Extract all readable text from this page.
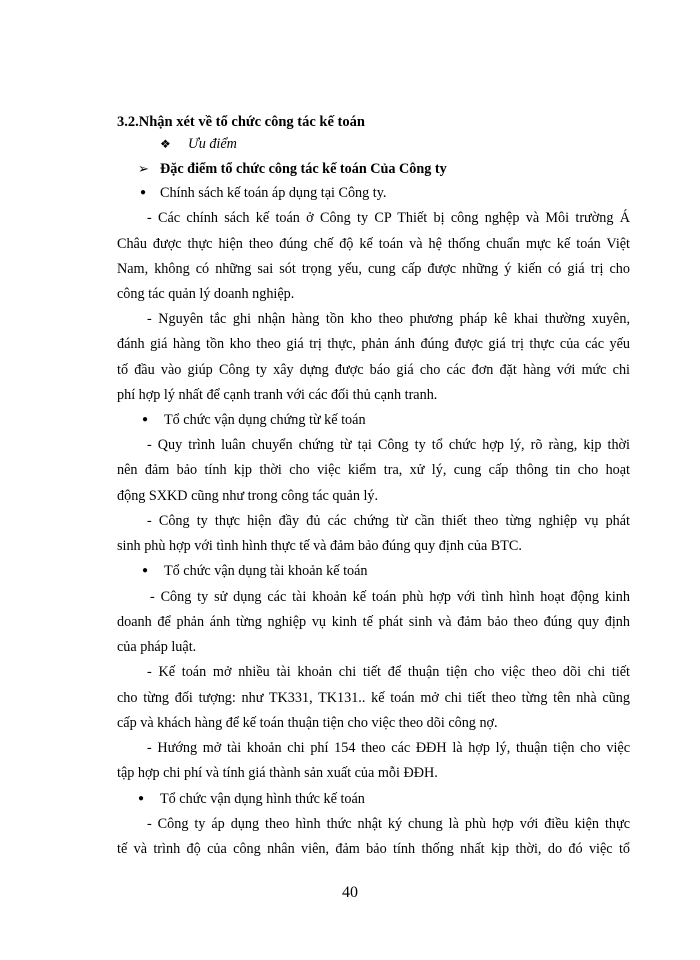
3.2.Nhận xét về tổ chức công tác kế toán
❖ Ưu điểm
➢ Đặc điểm tổ chức công tác kế toán Của Công ty
● Chính sách kế toán áp dụng tại Công ty.
- Các chính sách kế toán ở Công ty CP Thiết bị công nghệp và Môi trường Á
Châu được thực hiện theo đúng chế độ kế toán và hệ thống chuẩn mực kế toán Việt
Nam, không có những sai sót trọng yếu, cung cấp được những ý kiến có giá trị cho
công tác quản lý doanh nghiệp.
- Nguyên tắc ghi nhận hàng tồn kho theo phương pháp kê khai thường xuyên,
đánh giá hàng tồn kho theo giá trị thực, phản ánh đúng được giá trị thực của các yếu
tố đầu vào giúp Công ty xây dựng được báo giá cho các đơn đặt hàng với mức chi
phí hợp lý nhất để cạnh tranh với các đối thủ cạnh tranh.
● Tổ chức vận dụng chứng từ kế toán
- Quy trình luân chuyển chứng từ tại Công ty tổ chức hợp lý, rõ ràng, kịp thời
nên đảm bảo tính kịp thời cho việc kiểm tra, xử lý, cung cấp thông tin cho hoạt
động SXKD cũng như trong công tác quản lý.
- Công ty thực hiện đầy đủ các chứng từ cần thiết theo từng nghiệp vụ phát
sinh phù hợp với tình hình thực tế và đảm bảo đúng quy định của BTC.
● Tổ chức vận dụng tài khoản kế toán
- Công ty sử dụng các tài khoản kế toán phù hợp với tình hình hoạt động kinh
doanh để phản ánh từng nghiệp vụ kinh tế phát sinh và đảm bảo theo đúng quy định
của pháp luật.
- Kế toán mở nhiều tài khoản chi tiết để thuận tiện cho việc theo dõi chi tiết
cho từng đối tượng: như TK331, TK131.. kế toán mở chi tiết theo từng tên nhà cũng
cấp và khách hàng để kế toán thuận tiện cho việc theo dõi công nợ.
- Hướng mở tài khoản chi phí 154 theo các ĐĐH là hợp lý, thuận tiện cho việc
tập hợp chi phí và tính giá thành sản xuất của mỗi ĐĐH.
● Tổ chức vận dụng hình thức kế toán
- Công ty áp dụng theo hình thức nhật ký chung là phù hợp với điều kiện thực
tế và trình độ của công nhân viên, đảm bảo tính thống nhất kịp thời, do đó việc tổ
40
